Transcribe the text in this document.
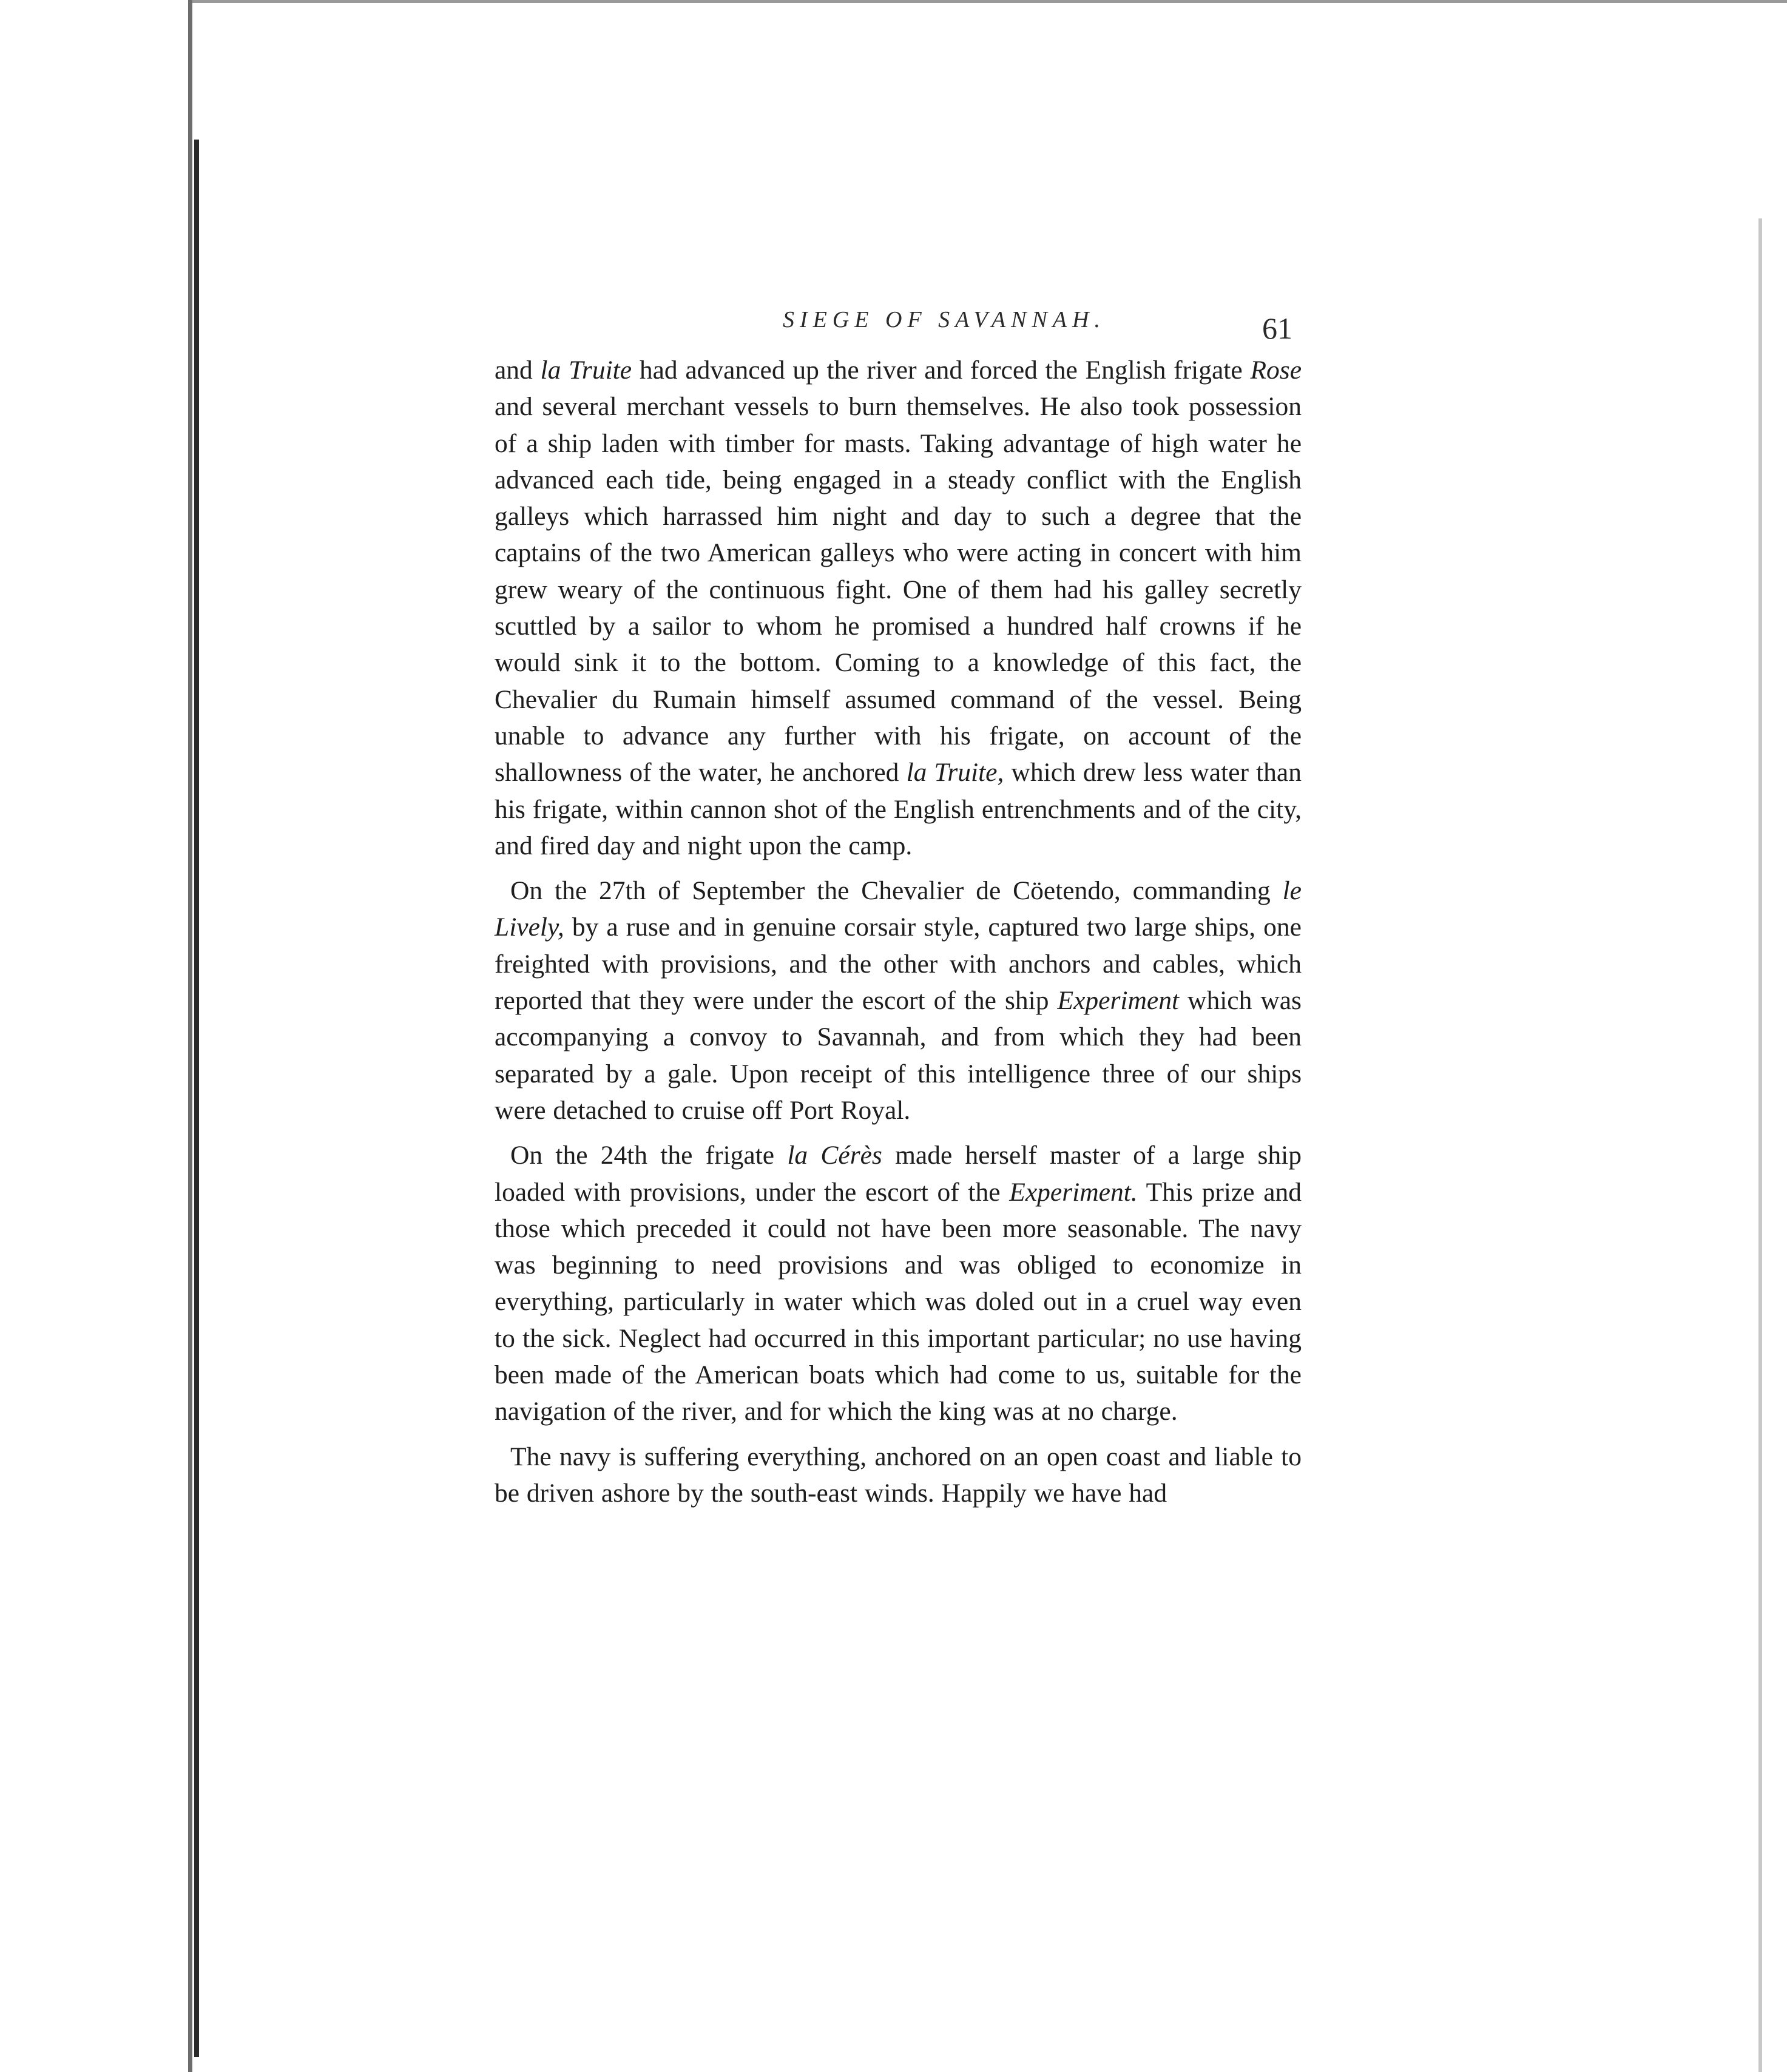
SIEGE OF SAVANNAH.	61

and la Truite had advanced up the river and forced the English frigate Rose and several merchant vessels to burn themselves. He also took possession of a ship laden with timber for masts. Taking advantage of high water he advanced each tide, being engaged in a steady conflict with the English galleys which harrassed him night and day to such a degree that the captains of the two American galleys who were acting in concert with him grew weary of the continuous fight. One of them had his galley secretly scuttled by a sailor to whom he promised a hundred half crowns if he would sink it to the bottom. Coming to a knowledge of this fact, the Chevalier du Rumain himself assumed command of the vessel. Being unable to advance any further with his frigate, on account of the shallowness of the water, he anchored la Truite, which drew less water than his frigate, within cannon shot of the English entrenchments and of the city, and fired day and night upon the camp.

On the 27th of September the Chevalier de Cöetendo, commanding le Lively, by a ruse and in genuine corsair style, captured two large ships, one freighted with provisions, and the other with anchors and cables, which reported that they were under the escort of the ship Experiment which was accompanying a convoy to Savannah, and from which they had been separated by a gale. Upon receipt of this intelligence three of our ships were detached to cruise off Port Royal.

On the 24th the frigate la Cérès made herself master of a large ship loaded with provisions, under the escort of the Experiment. This prize and those which preceded it could not have been more seasonable. The navy was beginning to need provisions and was obliged to economize in everything, particularly in water which was doled out in a cruel way even to the sick. Neglect had occurred in this important particular; no use having been made of the American boats which had come to us, suitable for the navigation of the river, and for which the king was at no charge.

The navy is suffering everything, anchored on an open coast and liable to be driven ashore by the south-east winds. Happily we have had
